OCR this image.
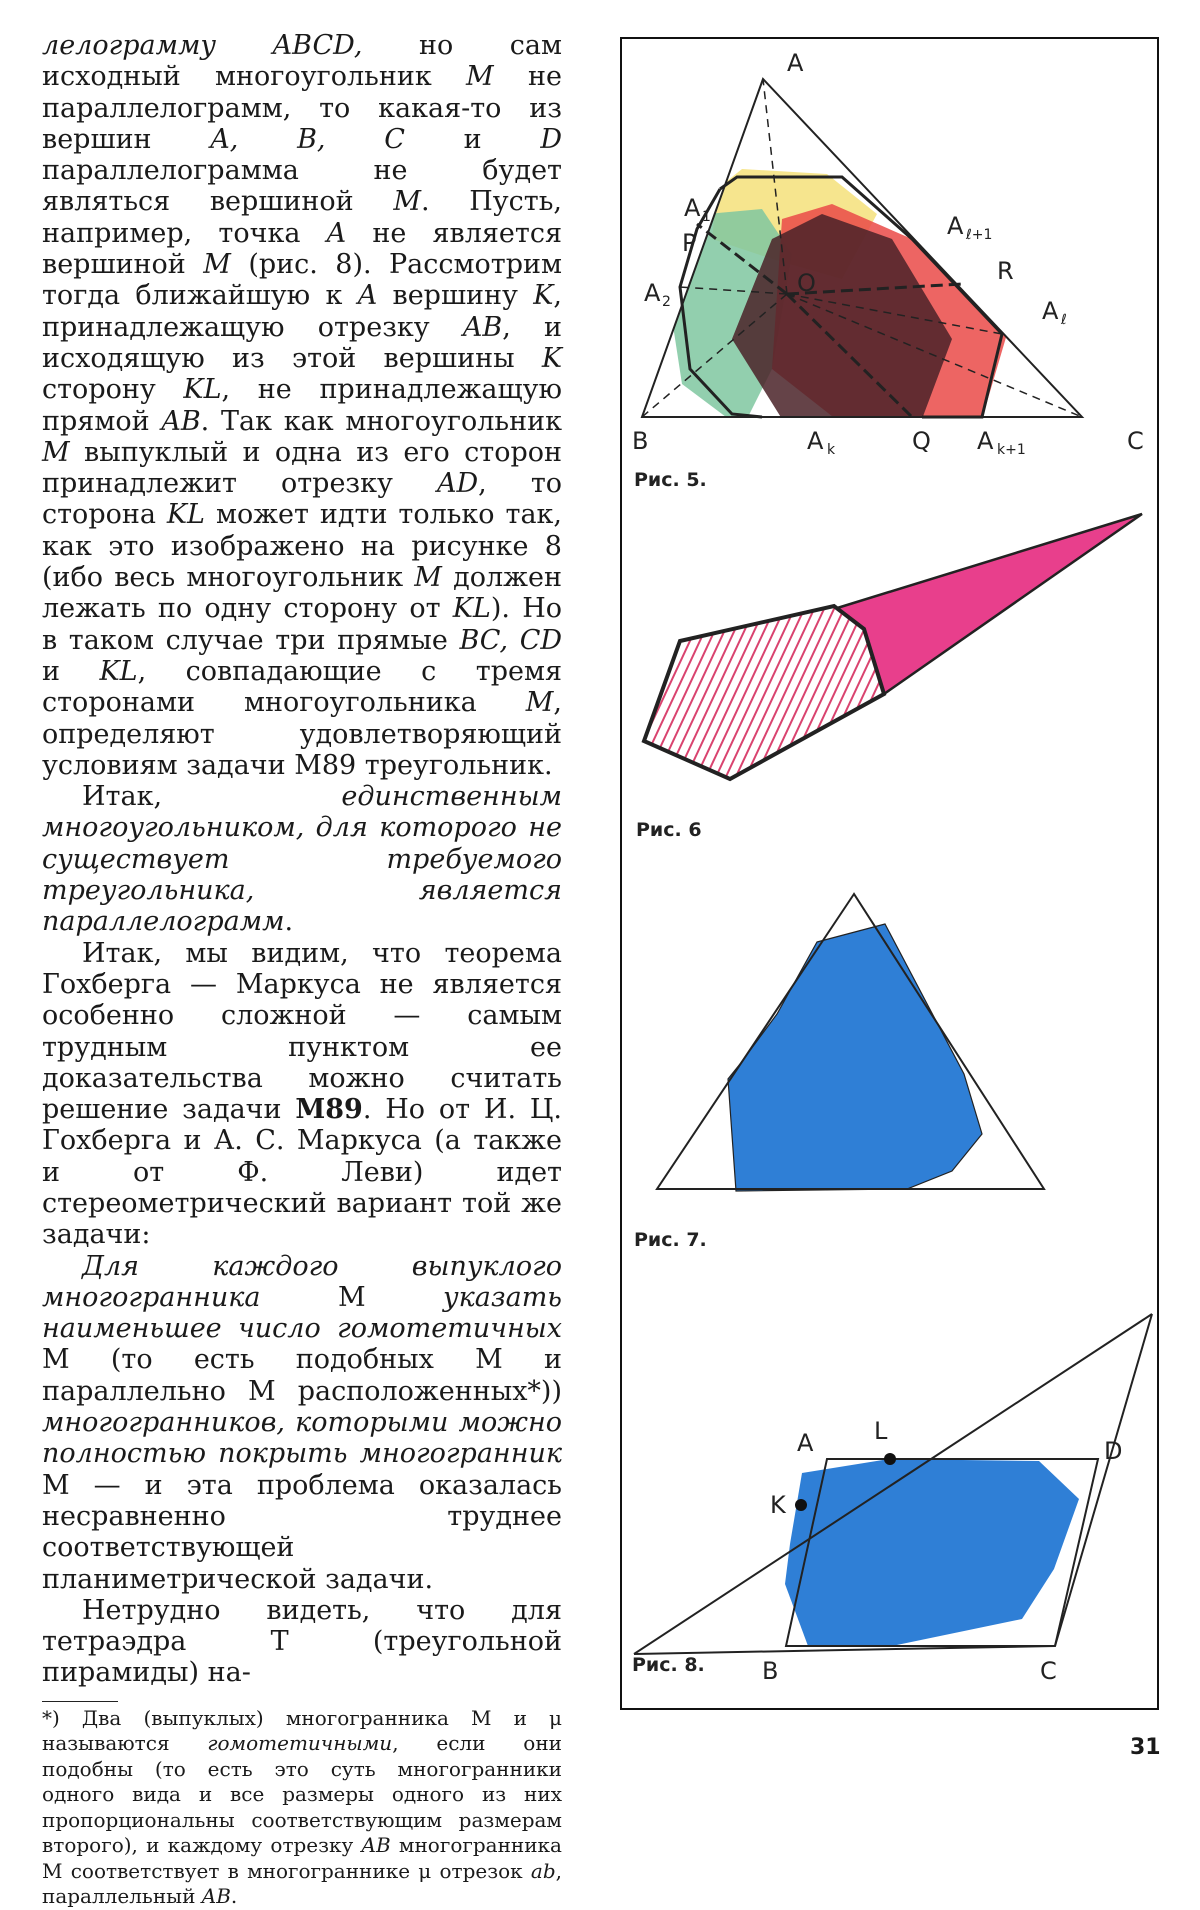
лелограмму ABCD, но сам исходный многоугольник M не параллелограмм, то какая-то из вершин A, B, C и D параллелограмма не будет являться вершиной M. Пусть, например, точка A не является вершиной M (рис. 8). Рассмотрим тогда ближайшую к A вершину K, принадлежащую отрезку AB, и исходящую из этой вершины K сторону KL, не принадлежащую прямой AB. Так как многоугольник M выпуклый и одна из его сторон принадлежит отрезку AD, то сторона KL может идти только так, как это изображено на рисунке 8 (ибо весь многоугольник M должен лежать по одну сторону от KL). Но в таком случае три прямые BC, CD и KL, совпадающие с тремя сторонами многоугольника M, определяют удовлетворяющий условиям задачи М89 треугольник.

Итак, единственным многоугольником, для которого не существует требуемого треугольника, является параллелограмм.

Итак, мы видим, что теорема Гохберга — Маркуса не является особенно сложной — самым трудным пунктом ее доказательства можно считать решение задачи М89. Но от И. Ц. Гохберга и А. С. Маркуса (а также и от Ф. Леви) идет стереометрический вариант той же задачи:

Для каждого выпуклого многогранника M указать наименьшее число гомотетичных M (то есть подобных M и параллельно M расположенных*)) многогранников, которыми можно полностью покрыть многогранник M — и эта проблема оказалась несравненно труднее соответствующей планиметрической задачи.

Нетрудно видеть, что для тетраэдра T (треугольной пирамиды) на-

*) Два (выпуклых) многогранника M и μ называются гомотетичными, если они подобны (то есть это суть многогранники одного вида и все размеры одного из них пропорциональны соответствующим размерам второго), и каждому отрезку AB многогранника M соответствует в многограннике μ отрезок ab, параллельный AB.

A
B	C
P
Q
R
O
A 1
A 2
A ℓ+1
A ℓ
A k	A k+1
A	D
K
L
B	C
Рис. 5.
Рис. 6
Рис. 7.
Рис. 8.
31
